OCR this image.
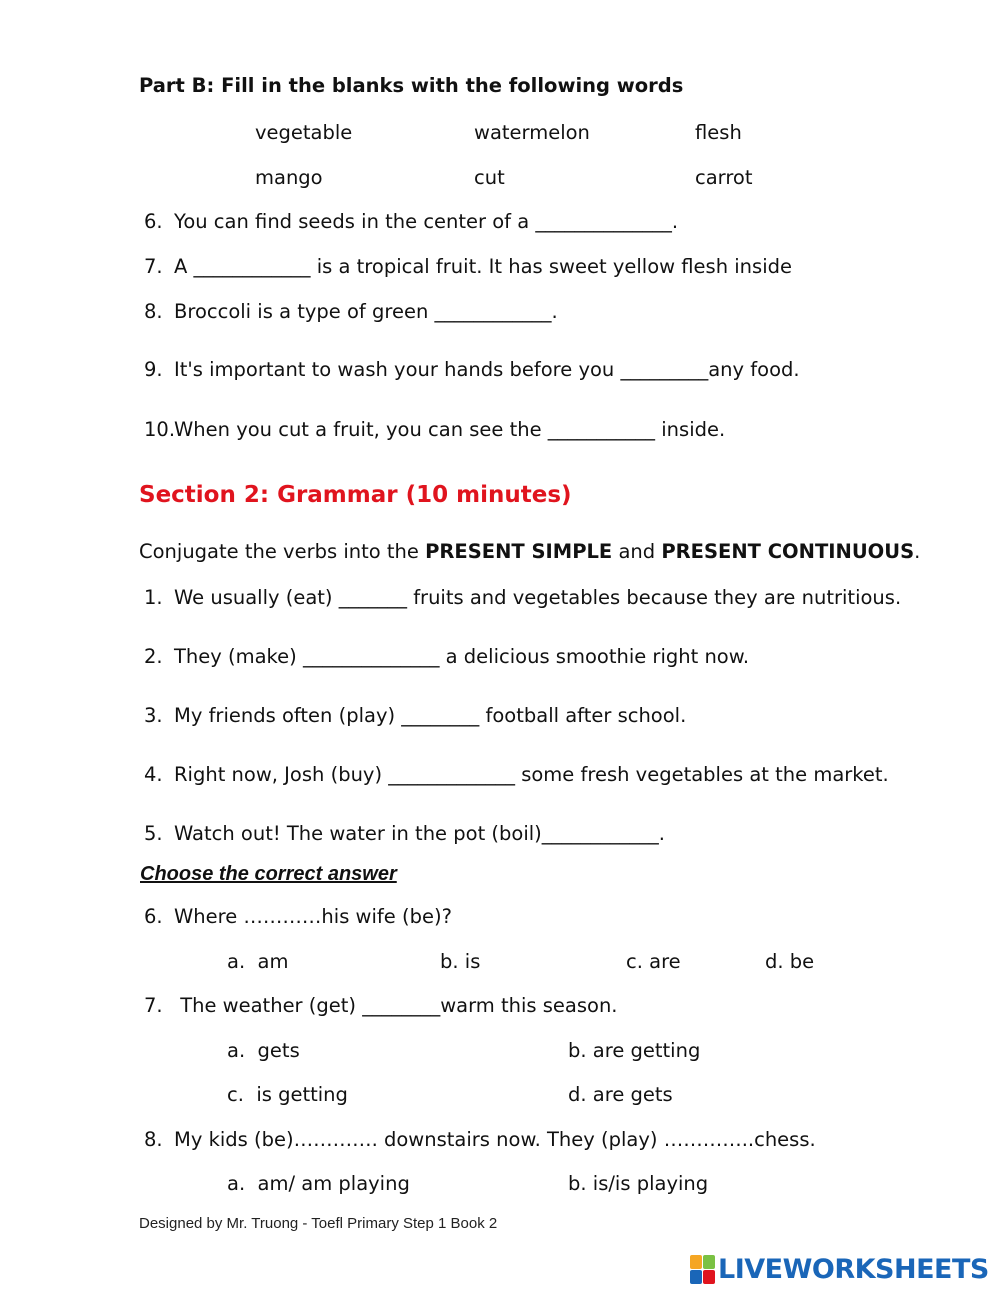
Part B: Fill in the blanks with the following words
vegetable	watermelon	flesh
mango	cut	carrot
6. You can find seeds in the center of a ______________.
7. A ____________ is a tropical fruit. It has sweet yellow flesh inside
8. Broccoli is a type of green ____________.
9. It's important to wash your hands before you _________any food.
10.When you cut a fruit, you can see the ___________ inside.
Section 2: Grammar (10 minutes)
Conjugate the verbs into the PRESENT SIMPLE and PRESENT CONTINUOUS.
1. We usually (eat) _______ fruits and vegetables because they are nutritious.
2. They (make) ______________ a delicious smoothie right now.
3. My friends often (play) ________ football after school.
4. Right now, Josh (buy) _____________ some fresh vegetables at the market.
5. Watch out! The water in the pot (boil)____________.
Choose the correct answer
6. Where …………his wife (be)?
a.  am	b. is	c. are	d. be
7. The weather (get) ________warm this season.
a.  gets	b. are getting
c.  is getting	d. are gets
8. My kids (be)…………. downstairs now. They (play) …………..chess.
a.  am/ am playing	b. is/is playing
Designed by Mr. Truong - Toefl Primary Step 1 Book 2
LIVEWORKSHEETS
